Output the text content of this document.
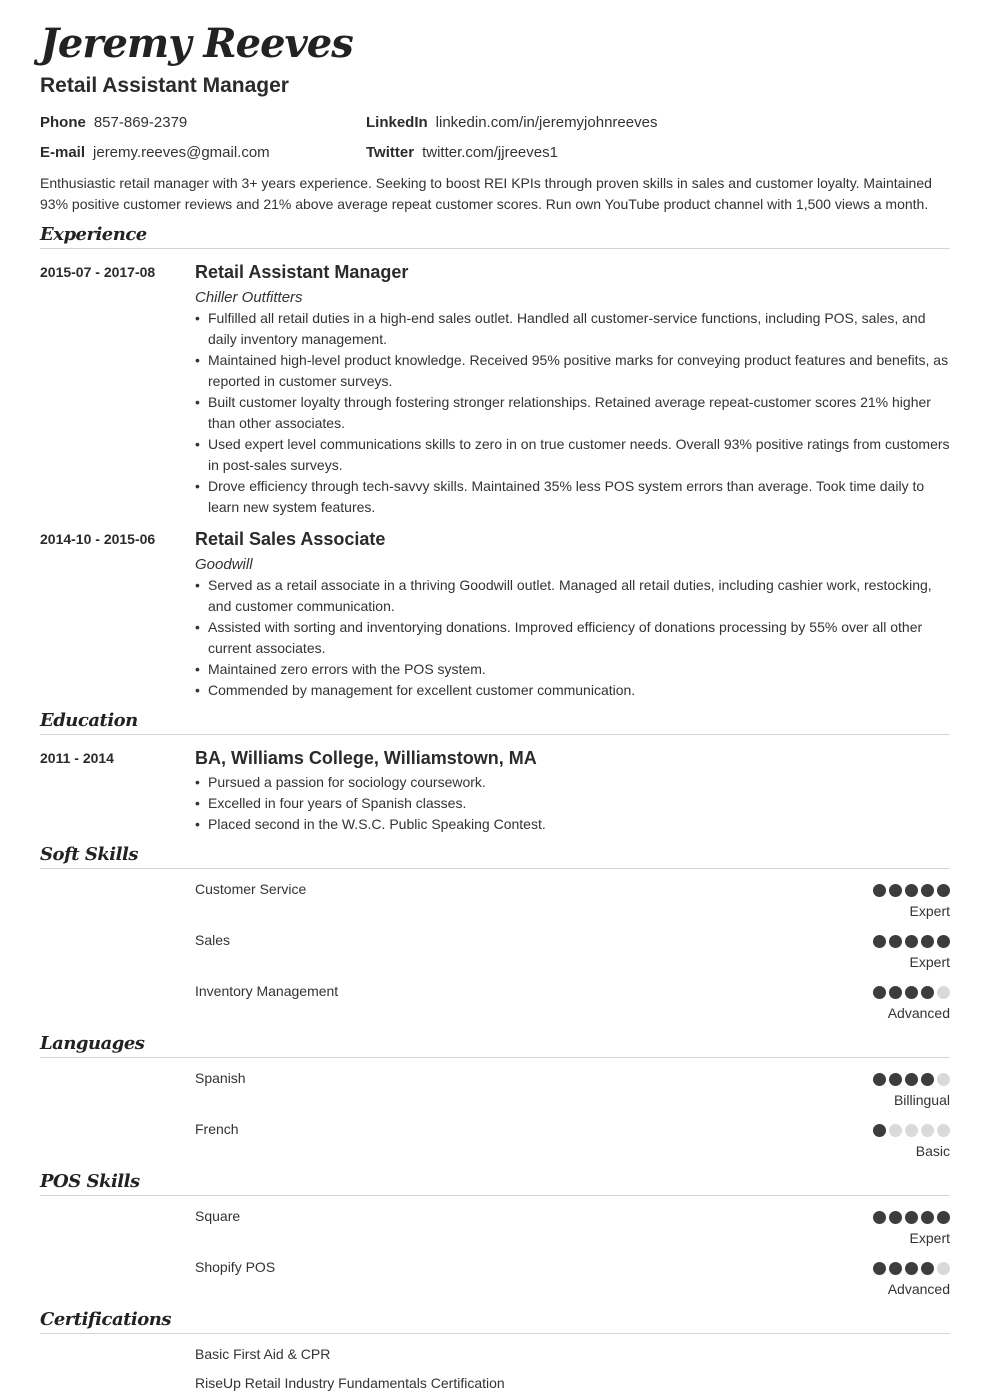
Jeremy Reeves
Retail Assistant Manager
Phone 857-869-2379
E-mail jeremy.reeves@gmail.com
LinkedIn linkedin.com/in/jeremyjohnreeves
Twitter twitter.com/jjreeves1
Enthusiastic retail manager with 3+ years experience. Seeking to boost REI KPIs through proven skills in sales and customer loyalty. Maintained 93% positive customer reviews and 21% above average repeat customer scores. Run own YouTube product channel with 1,500 views a month.
Experience
2015-07 - 2017-08 Retail Assistant Manager
Chiller Outfitters
• Fulfilled all retail duties in a high-end sales outlet. Handled all customer-service functions, including POS, sales, and daily inventory management.
• Maintained high-level product knowledge. Received 95% positive marks for conveying product features and benefits, as reported in customer surveys.
• Built customer loyalty through fostering stronger relationships. Retained average repeat-customer scores 21% higher than other associates.
• Used expert level communications skills to zero in on true customer needs. Overall 93% positive ratings from customers in post-sales surveys.
• Drove efficiency through tech-savvy skills. Maintained 35% less POS system errors than average. Took time daily to learn new system features.
2014-10 - 2015-06 Retail Sales Associate
Goodwill
• Served as a retail associate in a thriving Goodwill outlet. Managed all retail duties, including cashier work, restocking, and customer communication.
• Assisted with sorting and inventorying donations. Improved efficiency of donations processing by 55% over all other current associates.
• Maintained zero errors with the POS system.
• Commended by management for excellent customer communication.
Education
2011 - 2014	BA, Williams College, Williamstown, MA
• Pursued a passion for sociology coursework.
• Excelled in four years of Spanish classes.
• Placed second in the W.S.C. Public Speaking Contest.
Soft Skills
Customer Service
Expert
Sales
Expert
Inventory Management
Advanced
Languages
Spanish
Billingual
French
Basic
POS Skills
Square
Expert
Shopify POS
Advanced
Certifications
Basic First Aid & CPR
RiseUp Retail Industry Fundamentals Certification
